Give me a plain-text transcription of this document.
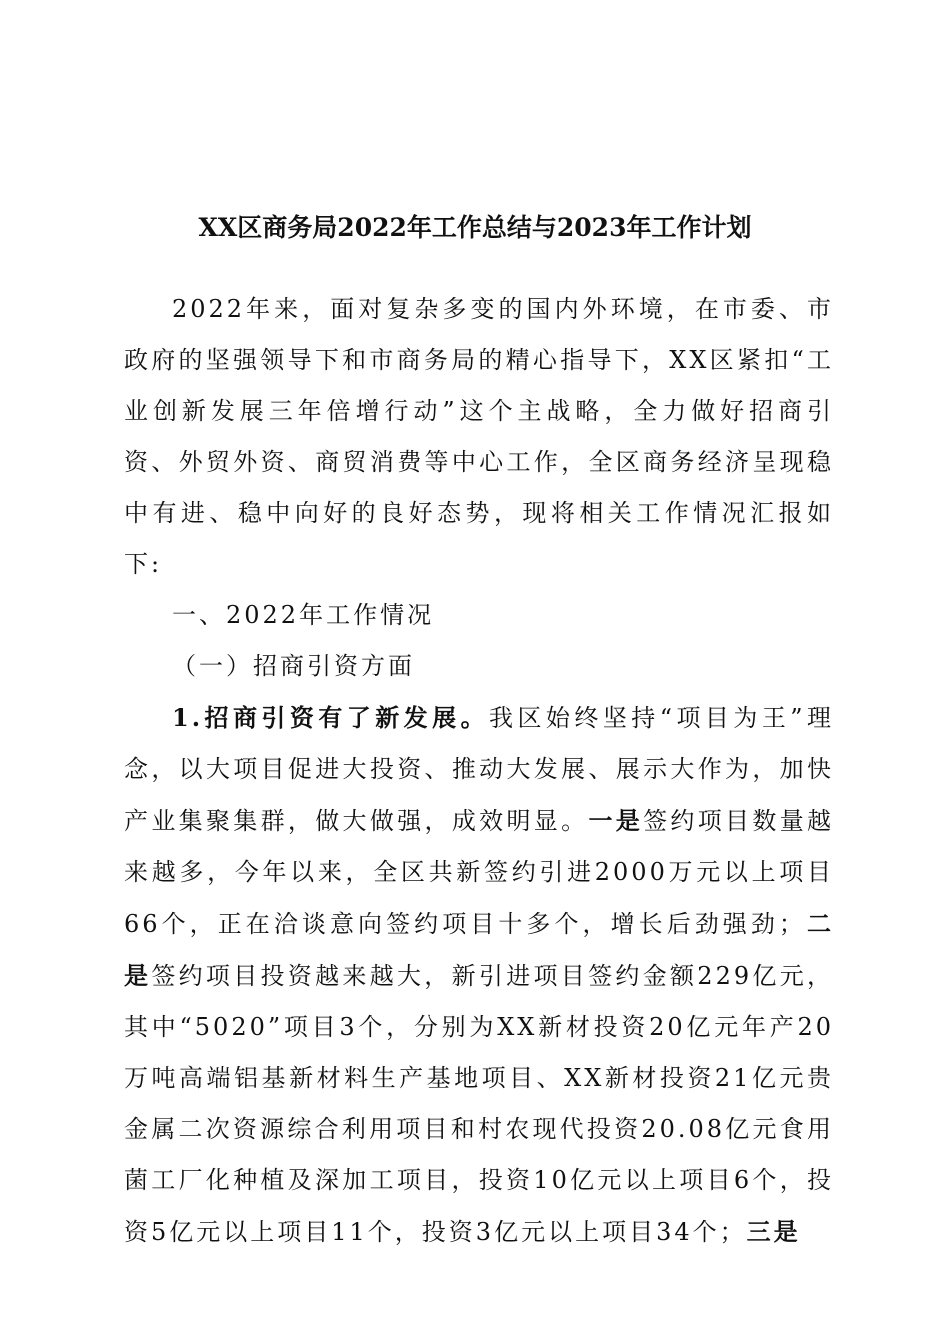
XX区商务局2022年工作总结与2023年工作计划

2022年来，面对复杂多变的国内外环境，在市委、市政府的坚强领导下和市商务局的精心指导下，XX区紧扣“工业创新发展三年倍增行动”这个主战略，全力做好招商引资、外贸外资、商贸消费等中心工作，全区商务经济呈现稳中有进、稳中向好的良好态势，现将相关工作情况汇报如下:

一、2022年工作情况

（一）招商引资方面

1.招商引资有了新发展。我区始终坚持“项目为王”理念，以大项目促进大投资、推动大发展、展示大作为，加快产业集聚集群，做大做强，成效明显。一是签约项目数量越来越多，今年以来，全区共新签约引进2000万元以上项目66个，正在洽谈意向签约项目十多个，增长后劲强劲；二是签约项目投资越来越大，新引进项目签约金额229亿元，其中“5020”项目3个，分别为XX新材投资20亿元年产20万吨高端铝基新材料生产基地项目、XX新材投资21亿元贵金属二次资源综合利用项目和村农现代投资20.08亿元食用菌工厂化种植及深加工项目，投资10亿元以上项目6个，投资5亿元以上项目11个，投资3亿元以上项目34个；三是
